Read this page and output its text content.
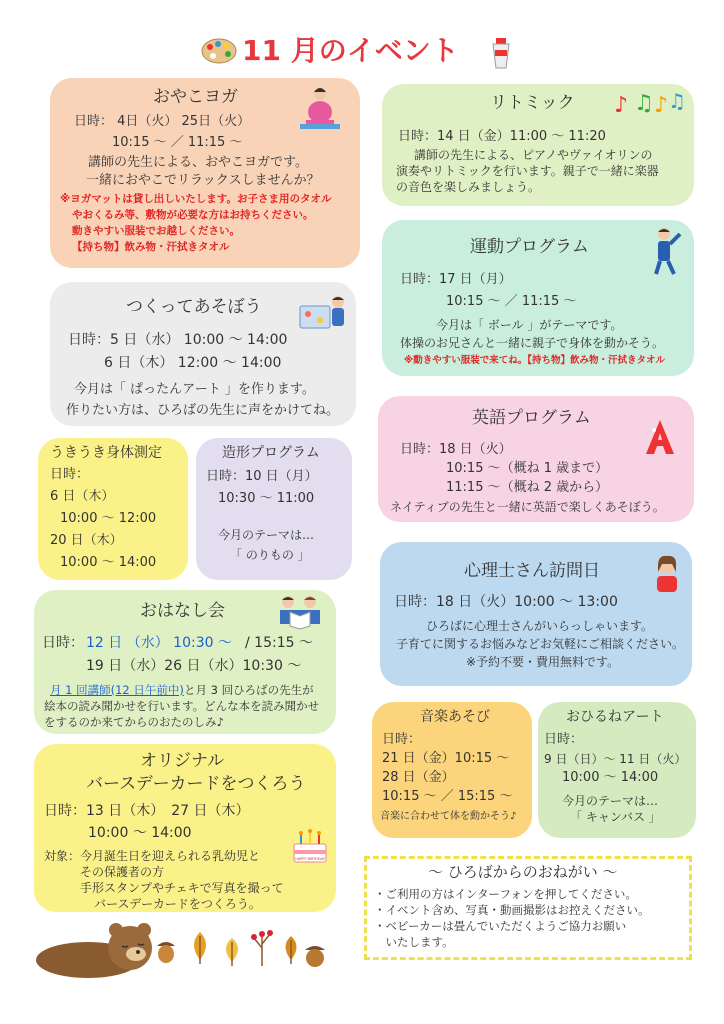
11 月のイベント
おやこヨガ
日時： 4日（火） 25日（火）
10:15 ～ ／ 11:15 ～
講師の先生による、おやこヨガです。
一緒におやこでリラックスしませんか？
※ヨガマットは貸し出しいたします。お子さま用のタオル
やおくるみ等、敷物が必要な方はお持ちください。
動きやすい服装でお越しください。
【持ち物】飲み物・汗拭きタオル
リトミック ♪ ♫ ♪ ♫
日時：14 日（金）11:00 ～ 11:20
講師の先生による、ピアノやヴァイオリンの
演奏やリトミックを行います。親子で一緒に楽器
の音色を楽しみましょう。
つくってあそぼう
日時：5 日（水） 10:00 ～ 14:00
6 日（木） 12:00 ～ 14:00
今月は「 ぱったんアート 」を作ります。
作りたい方は、ひろばの先生に声をかけてね。
運動プログラム
日時：17 日（月）
10:15 ～ ／ 11:15 ～
今月は「 ボール 」がテーマです。
体操のお兄さんと一緒に親子で身体を動かそう。
※動きやすい服装で来てね。【持ち物】飲み物・汗拭きタオル
うきうき身体測定
日時：
6 日（木）
10:00 ～ 12:00
20 日（木）
10:00 ～ 14:00
造形プログラム
日時：10 日（月）
10:30 ～ 11:00
今月のテーマは…
「 のりもの 」
英語プログラム
日時：18 日（火）
10:15 ～（概ね 1 歳まで）
11:15 ～（概ね 2 歳から）
ネイティブの先生と一緒に英語で楽しくあそぼう。
おはなし会
日時： 12 日 （水） 10:30 ～ / 15:15 ～
19 日（水）26 日（水）10:30 ～
月 1 回講師(12 日午前中) と月 3 回ひろばの先生が
絵本の読み聞かせを行います。どんな本を読み聞かせ
をするのか来てからのおたのしみ♪
心理士さん訪問日
日時：18 日（火）10:00 ～ 13:00
ひろばに心理士さんがいらっしゃいます。
子育てに関するお悩みなどお気軽にご相談ください。
※予約不要・費用無料です。
オリジナル
バースデーカードをつくろう
日時：13 日（木）　27 日（木）
10:00 ～ 14:00
HAPPY BIRTHDAY
対象：今月誕生日を迎えられる乳幼児と
その保護者の方
手形スタンプやチェキで写真を撮って
バースデーカードをつくろう。
音楽あそび
日時：
21 日（金）10:15 ～
28 日（金）
10:15 ～ ／ 15:15 ～
音楽に合わせて体を動かそう♪
おひるねアート
日時：
9 日（日）～ 11 日（火）
10:00 ～ 14:00
今月のテーマは…
「 キャンバス 」
～ ひろばからのおねがい ～
・ご利用の方はインターフォンを押してください。
・イベント含め、写真・動画撮影はお控えください。
・ベビーカーは畳んでいただくようご協力お願い
　いたします。
